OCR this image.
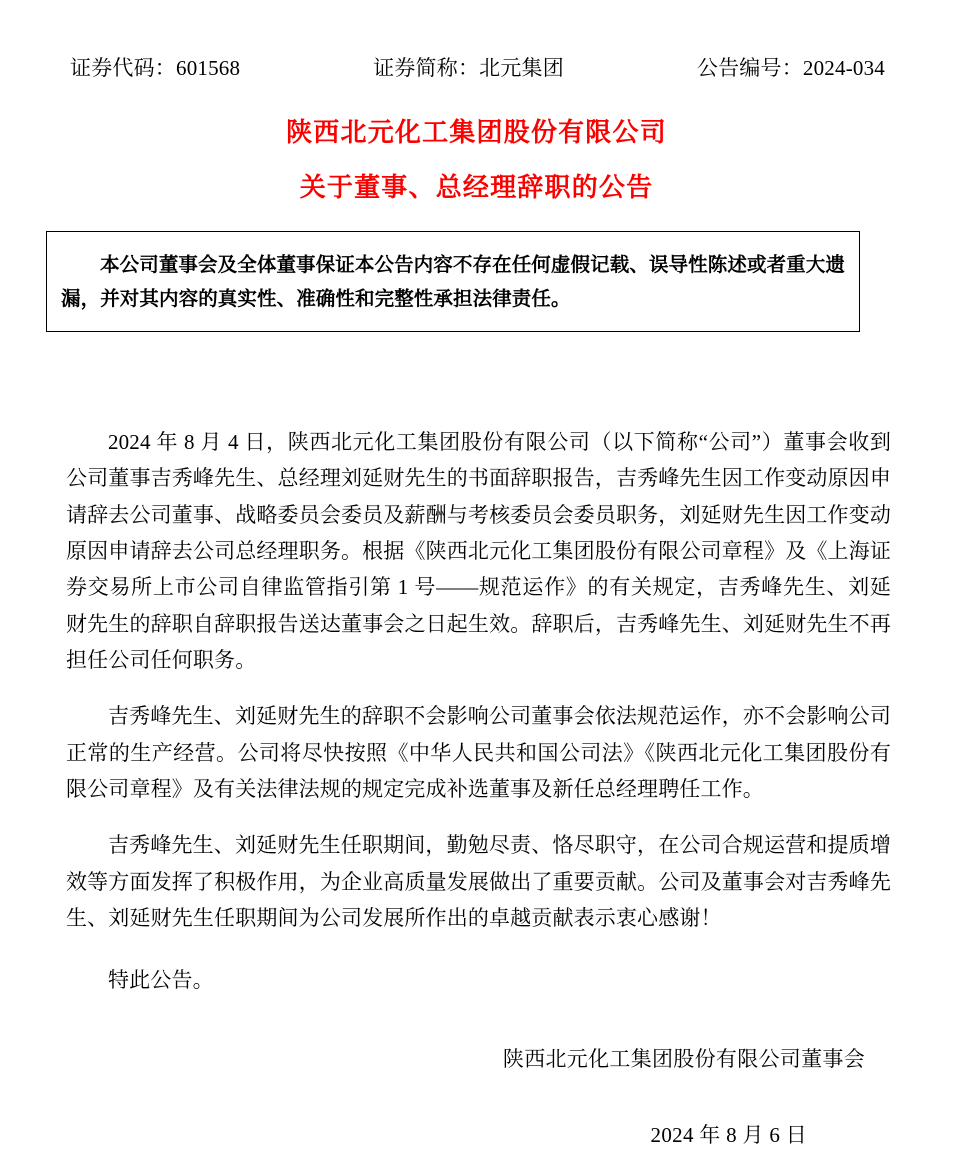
证券代码：601568	证券简称：北元集团	公告编号：2024-034
陕西北元化工集团股份有限公司
关于董事、总经理辞职的公告
本公司董事会及全体董事保证本公告内容不存在任何虚假记载、误导性陈述或者重大遗漏，并对其内容的真实性、准确性和完整性承担法律责任。

2024 年 8 月 4 日，陕西北元化工集团股份有限公司（以下简称“公司”）董事会收到公司董事吉秀峰先生、总经理刘延财先生的书面辞职报告，吉秀峰先生因工作变动原因申请辞去公司董事、战略委员会委员及薪酬与考核委员会委员职务，刘延财先生因工作变动原因申请辞去公司总经理职务。根据《陕西北元化工集团股份有限公司章程》及《上海证券交易所上市公司自律监管指引第 1 号——规范运作》的有关规定，吉秀峰先生、刘延财先生的辞职自辞职报告送达董事会之日起生效。辞职后，吉秀峰先生、刘延财先生不再担任公司任何职务。

吉秀峰先生、刘延财先生的辞职不会影响公司董事会依法规范运作，亦不会影响公司正常的生产经营。公司将尽快按照《中华人民共和国公司法》《陕西北元化工集团股份有限公司章程》及有关法律法规的规定完成补选董事及新任总经理聘任工作。

吉秀峰先生、刘延财先生任职期间，勤勉尽责、恪尽职守，在公司合规运营和提质增效等方面发挥了积极作用，为企业高质量发展做出了重要贡献。公司及董事会对吉秀峰先生、刘延财先生任职期间为公司发展所作出的卓越贡献表示衷心感谢！

特此公告。

陕西北元化工集团股份有限公司董事会
2024 年 8 月 6 日
